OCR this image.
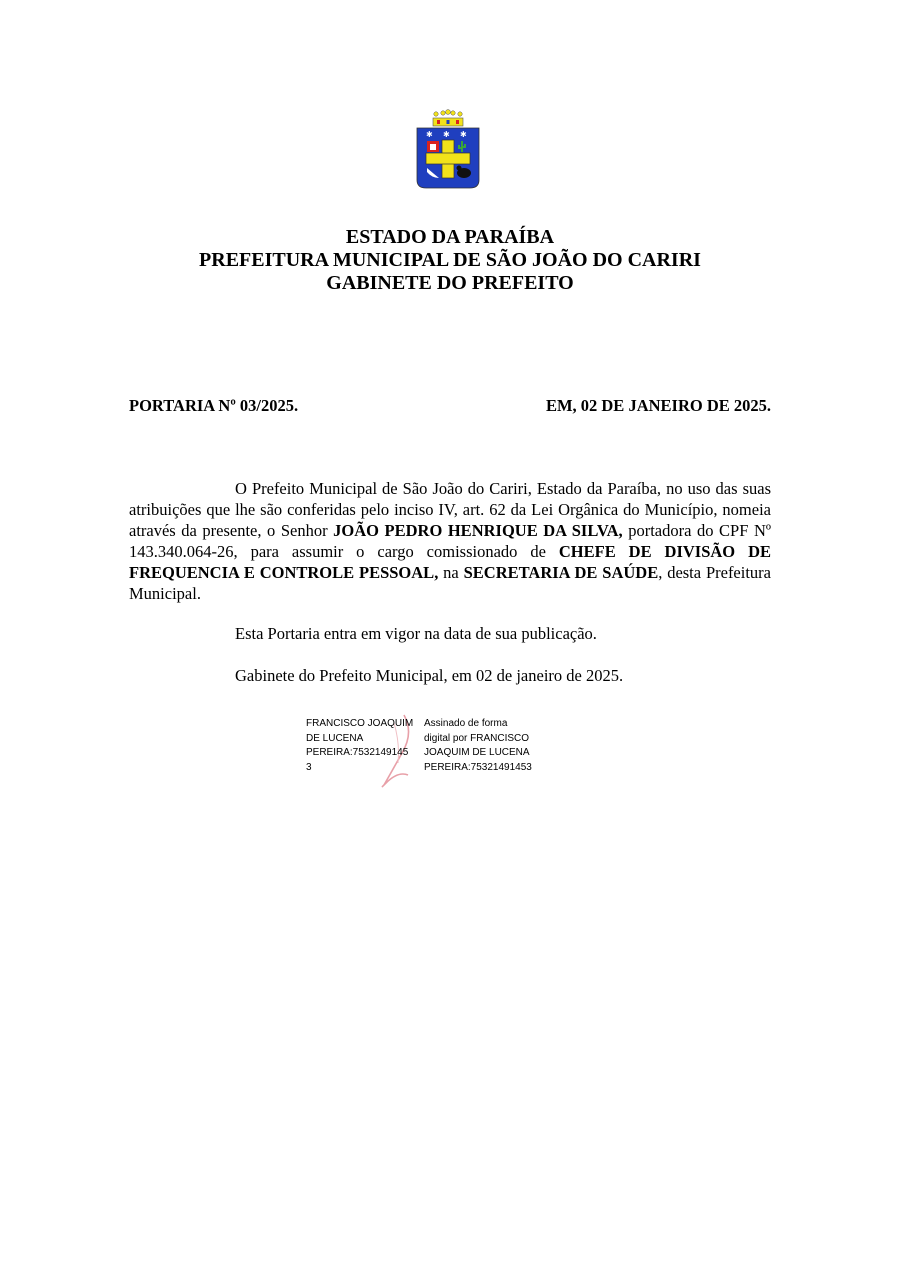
✱ ✱ ✱
ESTADO DA PARAÍBA
PREFEITURA MUNICIPAL DE SÃO JOÃO DO CARIRI
GABINETE DO PREFEITO
PORTARIA Nº 03/2025.	EM, 02 DE JANEIRO DE 2025.

O Prefeito Municipal de São João do Cariri, Estado da Paraíba, no uso das suas atribuições que lhe são conferidas pelo inciso IV, art. 62 da Lei Orgânica do Município, nomeia através da presente, o Senhor JOÃO PEDRO HENRIQUE DA SILVA, portadora do CPF Nº 143.340.064-26, para assumir o cargo comissionado de CHEFE DE DIVISÃO DE FREQUENCIA E CONTROLE PESSOAL, na SECRETARIA DE SAÚDE, desta Prefeitura Municipal.

Esta Portaria entra em vigor na data de sua publicação.
Gabinete do Prefeito Municipal, em 02 de janeiro de 2025.
FRANCISCO JOAQUIM
DE LUCENA
PEREIRA:7532149145
3
Assinado de forma
digital por FRANCISCO
JOAQUIM DE LUCENA
PEREIRA:75321491453
